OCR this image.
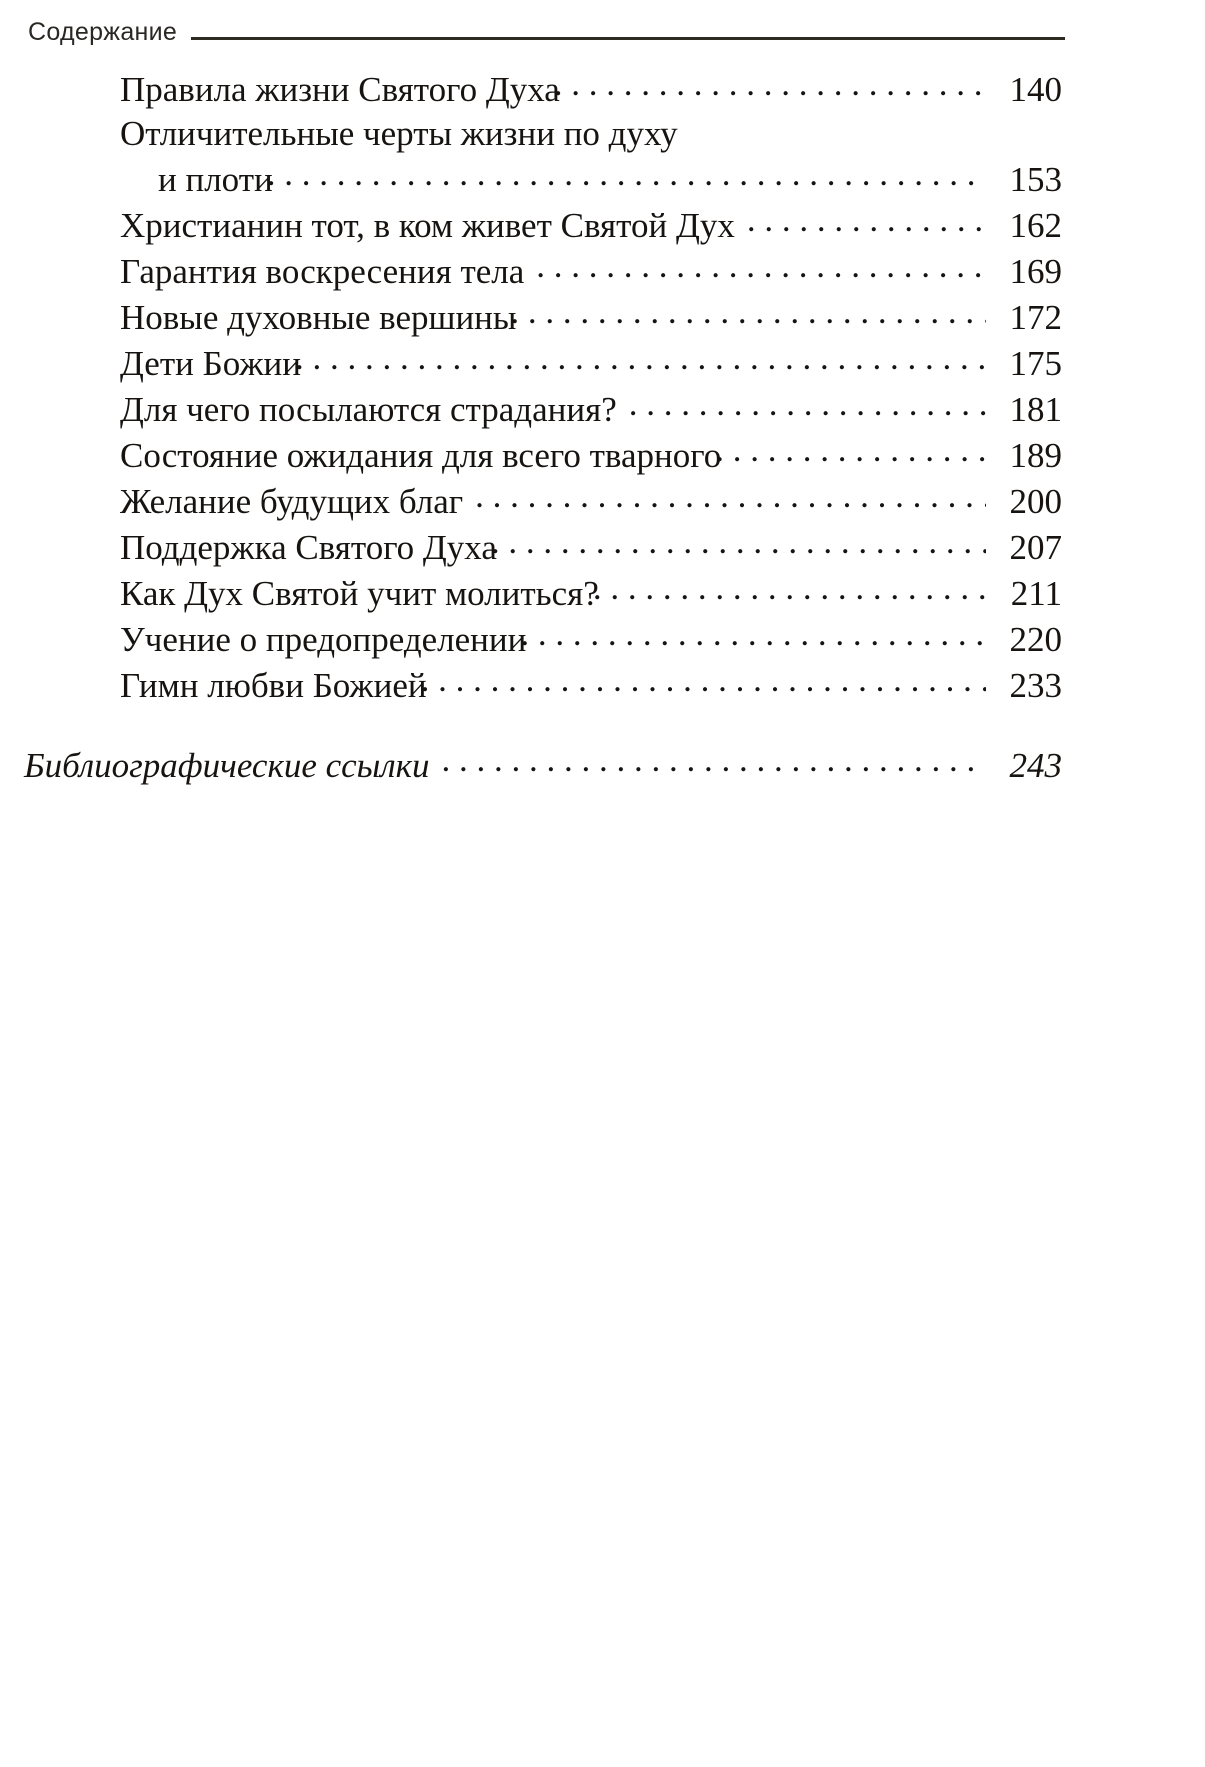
Содержание
Правила жизни Святого Духа . . .	140
Отличительные черты жизни по духу
и плоти . . .	153
Христианин тот, в ком живет Святой Дух . . .	162
Гарантия воскресения тела . . .	169
Новые духовные вершины . . .	172
Дети Божии . . .	175
Для чего посылаются страдания? . . .	181
Состояние ожидания для всего тварного . . .	189
Желание будущих благ . . .	200
Поддержка Святого Духа . . .	207
Как Дух Святой учит молиться? . . .	211
Учение о предопределении . . .	220
Гимн любви Божией . . .	233
Библиографические ссылки . . .	243
